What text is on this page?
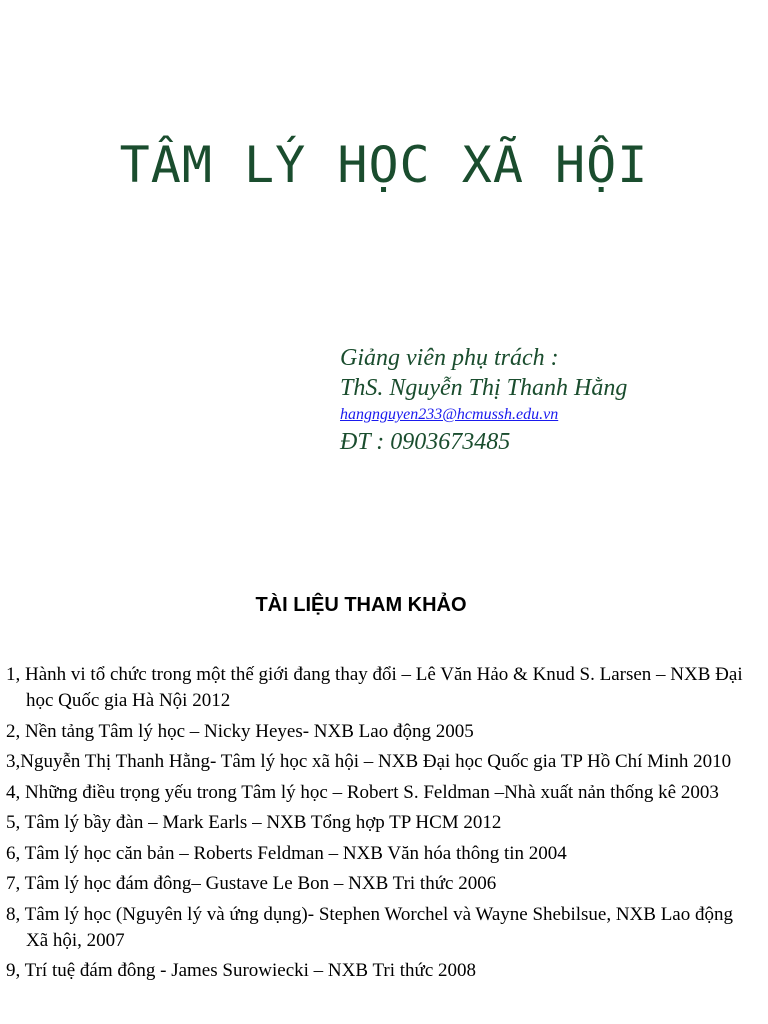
TÂM LÝ HỌC XÃ HỘI
Giảng viên phụ trách :
ThS. Nguyễn Thị Thanh Hằng
hangnguyen233@hcmussh.edu.vn
ĐT : 0903673485
TÀI LIỆU THAM KHẢO
1, Hành vi tổ chức trong một thế giới đang thay đổi – Lê Văn Hảo & Knud S. Larsen – NXB Đại học Quốc gia Hà Nội 2012
2, Nền tảng Tâm lý học – Nicky Heyes- NXB Lao động 2005
3,Nguyễn Thị Thanh Hằng- Tâm lý học xã hội – NXB Đại học Quốc gia TP Hồ Chí Minh 2010
4, Những điều trọng yếu trong Tâm lý học – Robert S. Feldman –Nhà xuất nản thống kê 2003
5, Tâm lý bầy đàn – Mark Earls – NXB Tổng hợp TP HCM 2012
6, Tâm lý học căn bản – Roberts Feldman – NXB Văn hóa thông tin 2004
7, Tâm lý học đám đông– Gustave Le Bon – NXB Tri thức 2006
8, Tâm lý học (Nguyên lý và ứng dụng)- Stephen Worchel và Wayne Shebilsue, NXB Lao động Xã hội, 2007
9, Trí tuệ đám đông - James Surowiecki – NXB Tri thức 2008
